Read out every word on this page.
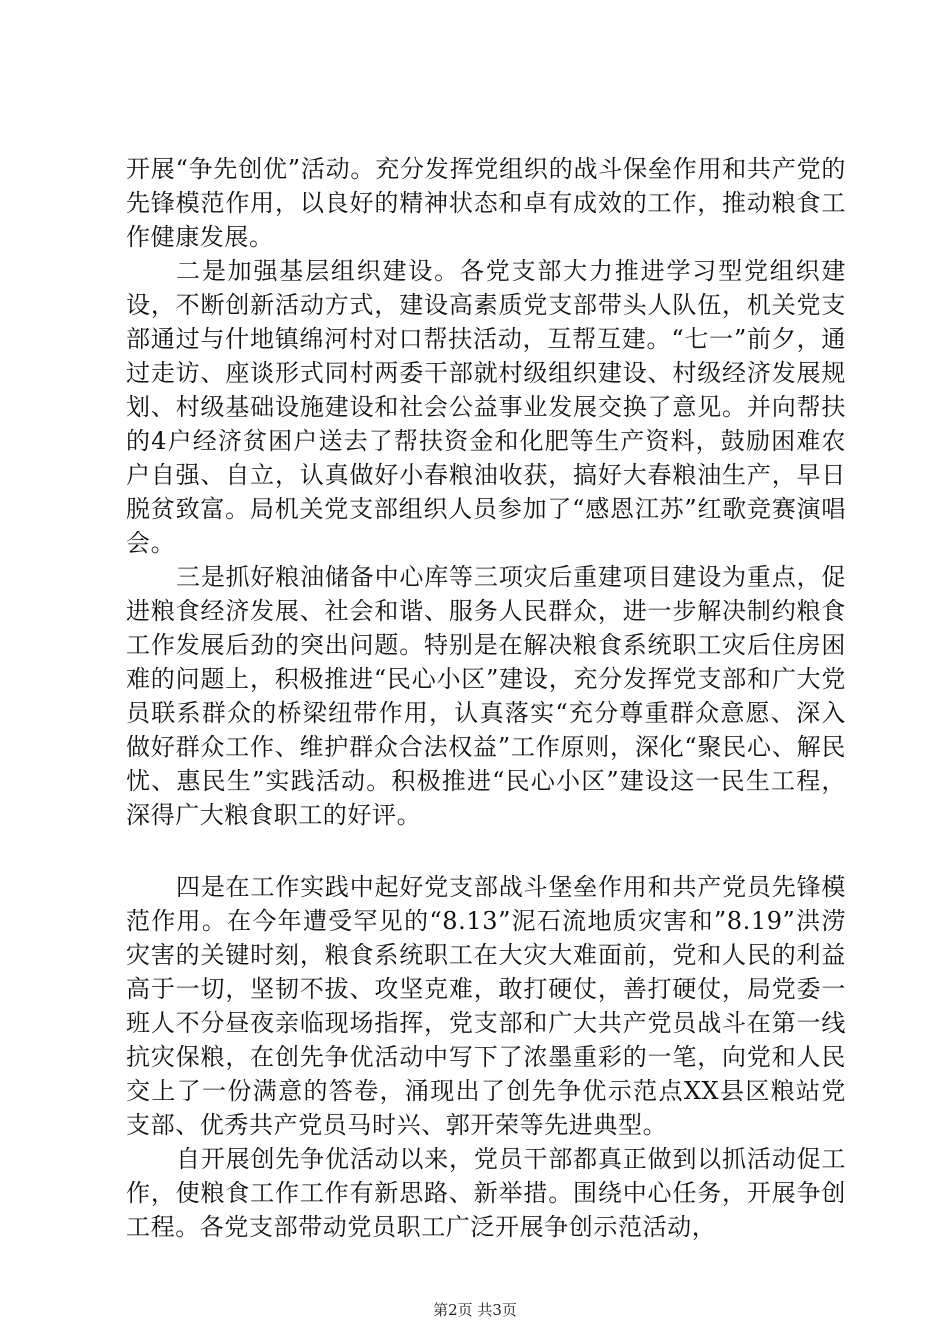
开展“争先创优”活动。充分发挥党组织的战斗保垒作用和共产党的先锋模范作用，以良好的精神状态和卓有成效的工作，推动粮食工作健康发展。

二是加强基层组织建设。各党支部大力推进学习型党组织建设，不断创新活动方式，建设高素质党支部带头人队伍，机关党支部通过与什地镇绵河村对口帮扶活动，互帮互建。“七一”前夕，通过走访、座谈形式同村两委干部就村级组织建设、村级经济发展规划、村级基础设施建设和社会公益事业发展交换了意见。并向帮扶的4户经济贫困户送去了帮扶资金和化肥等生产资料，鼓励困难农户自强、自立，认真做好小春粮油收获，搞好大春粮油生产，早日脱贫致富。局机关党支部组织人员参加了“感恩江苏”红歌竞赛演唱会。

三是抓好粮油储备中心库等三项灾后重建项目建设为重点，促进粮食经济发展、社会和谐、服务人民群众，进一步解决制约粮食工作发展后劲的突出问题。特别是在解决粮食系统职工灾后住房困难的问题上，积极推进“民心小区”建设，充分发挥党支部和广大党员联系群众的桥梁纽带作用，认真落实“充分尊重群众意愿、深入做好群众工作、维护群众合法权益”工作原则，深化“聚民心、解民忧、惠民生”实践活动。积极推进“民心小区”建设这一民生工程，深得广大粮食职工的好评。

四是在工作实践中起好党支部战斗堡垒作用和共产党员先锋模范作用。在今年遭受罕见的“8.13”泥石流地质灾害和”8.19”洪涝灾害的关键时刻，粮食系统职工在大灾大难面前，党和人民的利益高于一切，坚韧不拔、攻坚克难，敢打硬仗，善打硬仗，局党委一班人不分昼夜亲临现场指挥，党支部和广大共产党员战斗在第一线抗灾保粮，在创先争优活动中写下了浓墨重彩的一笔，向党和人民交上了一份满意的答卷，涌现出了创先争优示范点XX县区粮站党支部、优秀共产党员马时兴、郭开荣等先进典型。

自开展创先争优活动以来，党员干部都真正做到以抓活动促工作，使粮食工作工作有新思路、新举措。围绕中心任务，开展争创工程。各党支部带动党员职工广泛开展争创示范活动，

第2页 共3页
